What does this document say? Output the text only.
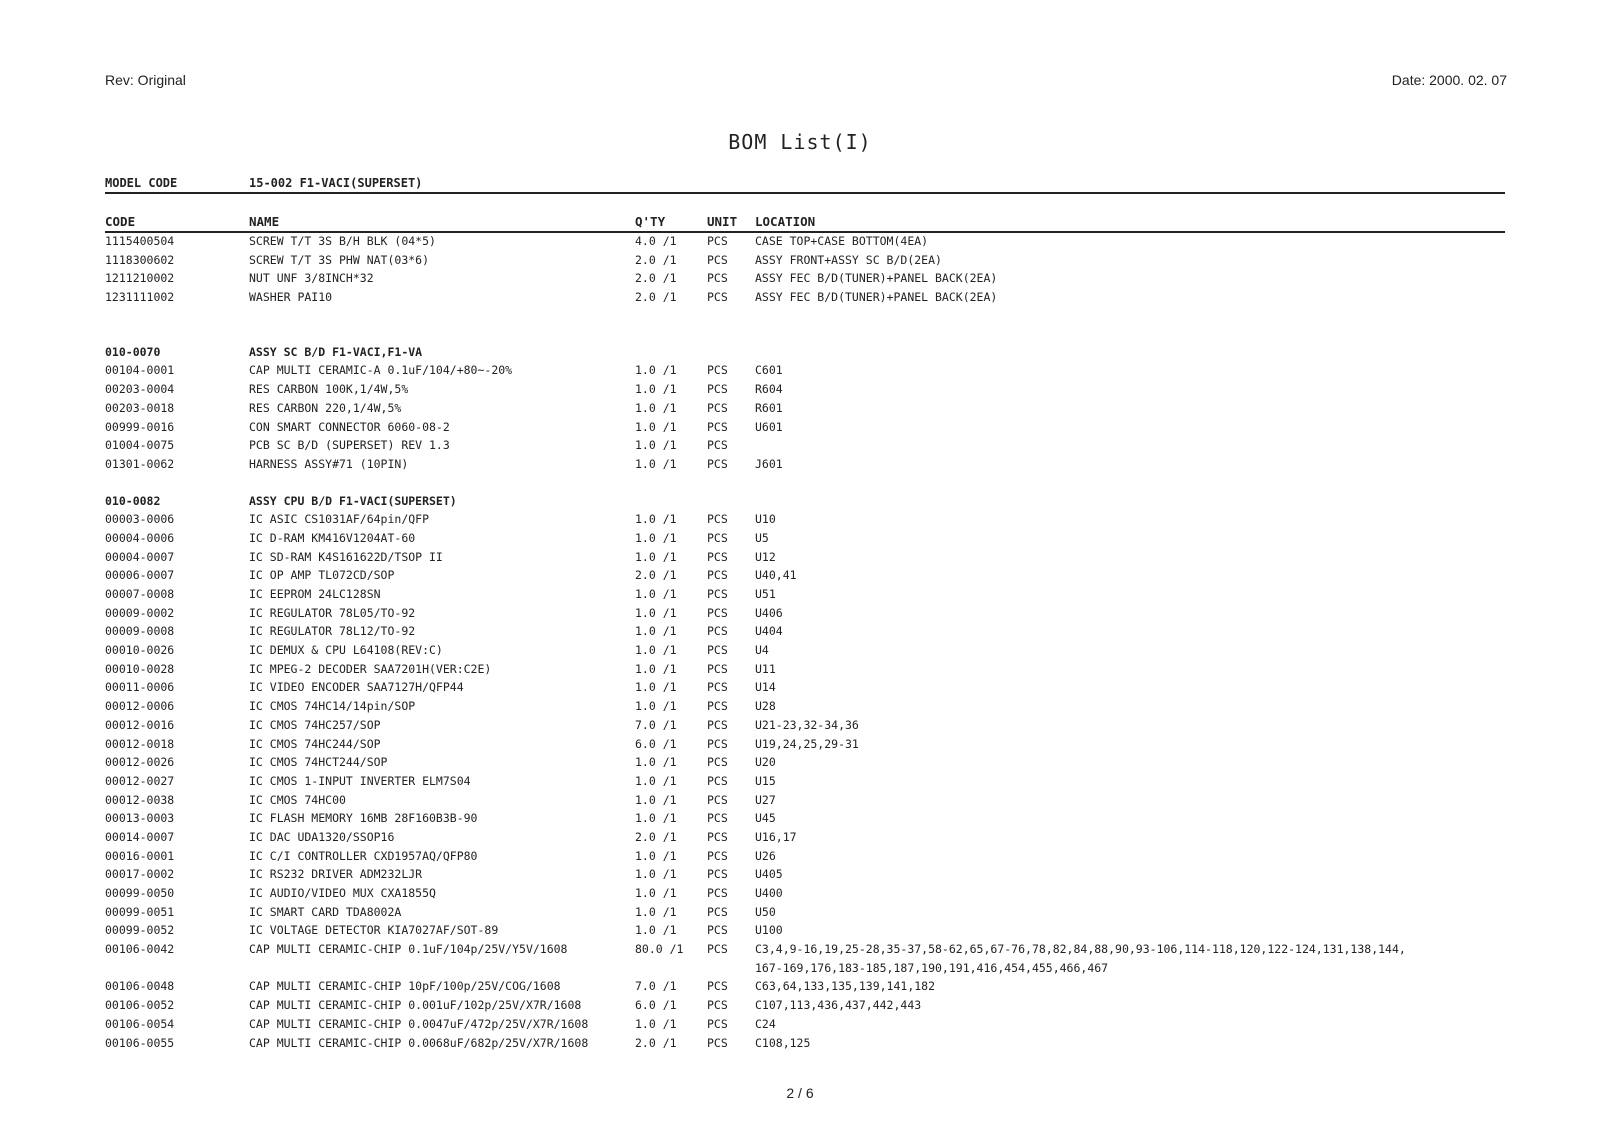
Rev: Original	Date: 2000. 02. 07
BOM List(I)
MODEL CODE	15-002 F1-VACI(SUPERSET)
CODE	NAME	Q'TY	UNIT LOCATION
1115400504	SCREW T/T 3S B/H BLK (04*5)	4.0 /1	PCS CASE TOP+CASE BOTTOM(4EA)
1118300602	SCREW T/T 3S PHW NAT(03*6)	2.0 /1	PCS ASSY FRONT+ASSY SC B/D(2EA)
1211210002	NUT UNF 3/8INCH*32	2.0 /1	PCS ASSY FEC B/D(TUNER)+PANEL BACK(2EA)
1231111002	WASHER PAI10	2.0 /1	PCS ASSY FEC B/D(TUNER)+PANEL BACK(2EA)
010-0070	ASSY SC B/D F1-VACI,F1-VA
00104-0001	CAP MULTI CERAMIC-A 0.1uF/104/+80~-20%	1.0 /1	PCS C601
00203-0004	RES CARBON 100K,1/4W,5%	1.0 /1	PCS R604
00203-0018	RES CARBON 220,1/4W,5%	1.0 /1	PCS R601
00999-0016	CON SMART CONNECTOR 6060-08-2	1.0 /1	PCS U601
01004-0075	PCB SC B/D (SUPERSET) REV 1.3	1.0 /1	PCS
01301-0062	HARNESS ASSY#71 (10PIN)	1.0 /1	PCS J601
010-0082	ASSY CPU B/D F1-VACI(SUPERSET)
00003-0006	IC ASIC CS1031AF/64pin/QFP	1.0 /1	PCS U10
00004-0006	IC D-RAM KM416V1204AT-60	1.0 /1	PCS U5
00004-0007	IC SD-RAM K4S161622D/TSOP II	1.0 /1	PCS U12
00006-0007	IC OP AMP TL072CD/SOP	2.0 /1	PCS U40,41
00007-0008	IC EEPROM 24LC128SN	1.0 /1	PCS U51
00009-0002	IC REGULATOR 78L05/TO-92	1.0 /1	PCS U406
00009-0008	IC REGULATOR 78L12/TO-92	1.0 /1	PCS U404
00010-0026	IC DEMUX & CPU L64108(REV:C)	1.0 /1	PCS U4
00010-0028	IC MPEG-2 DECODER SAA7201H(VER:C2E)	1.0 /1	PCS U11
00011-0006	IC VIDEO ENCODER SAA7127H/QFP44	1.0 /1	PCS U14
00012-0006	IC CMOS 74HC14/14pin/SOP	1.0 /1	PCS U28
00012-0016	IC CMOS 74HC257/SOP	7.0 /1	PCS U21-23,32-34,36
00012-0018	IC CMOS 74HC244/SOP	6.0 /1	PCS U19,24,25,29-31
00012-0026	IC CMOS 74HCT244/SOP	1.0 /1	PCS U20
00012-0027	IC CMOS 1-INPUT INVERTER ELM7S04	1.0 /1	PCS U15
00012-0038	IC CMOS 74HC00	1.0 /1	PCS U27
00013-0003	IC FLASH MEMORY 16MB 28F160B3B-90	1.0 /1	PCS U45
00014-0007	IC DAC UDA1320/SSOP16	2.0 /1	PCS U16,17
00016-0001	IC C/I CONTROLLER CXD1957AQ/QFP80	1.0 /1	PCS U26
00017-0002	IC RS232 DRIVER ADM232LJR	1.0 /1	PCS U405
00099-0050	IC AUDIO/VIDEO MUX CXA1855Q	1.0 /1	PCS U400
00099-0051	IC SMART CARD TDA8002A	1.0 /1	PCS U50
00099-0052	IC VOLTAGE DETECTOR KIA7027AF/SOT-89	1.0 /1	PCS U100
00106-0042	CAP MULTI CERAMIC-CHIP 0.1uF/104p/25V/Y5V/1608	80.0 /1 PCS C3,4,9-16,19,25-28,35-37,58-62,65,67-76,78,82,84,88,90,93-106,114-118,120,122-124,131,138,144,
167-169,176,183-185,187,190,191,416,454,455,466,467
00106-0048	CAP MULTI CERAMIC-CHIP 10pF/100p/25V/COG/1608	7.0 /1	PCS C63,64,133,135,139,141,182
00106-0052	CAP MULTI CERAMIC-CHIP 0.001uF/102p/25V/X7R/1608	6.0 /1	PCS C107,113,436,437,442,443
00106-0054	CAP MULTI CERAMIC-CHIP 0.0047uF/472p/25V/X7R/1608	1.0 /1	PCS C24
00106-0055	CAP MULTI CERAMIC-CHIP 0.0068uF/682p/25V/X7R/1608	2.0 /1	PCS C108,125
2 / 6
